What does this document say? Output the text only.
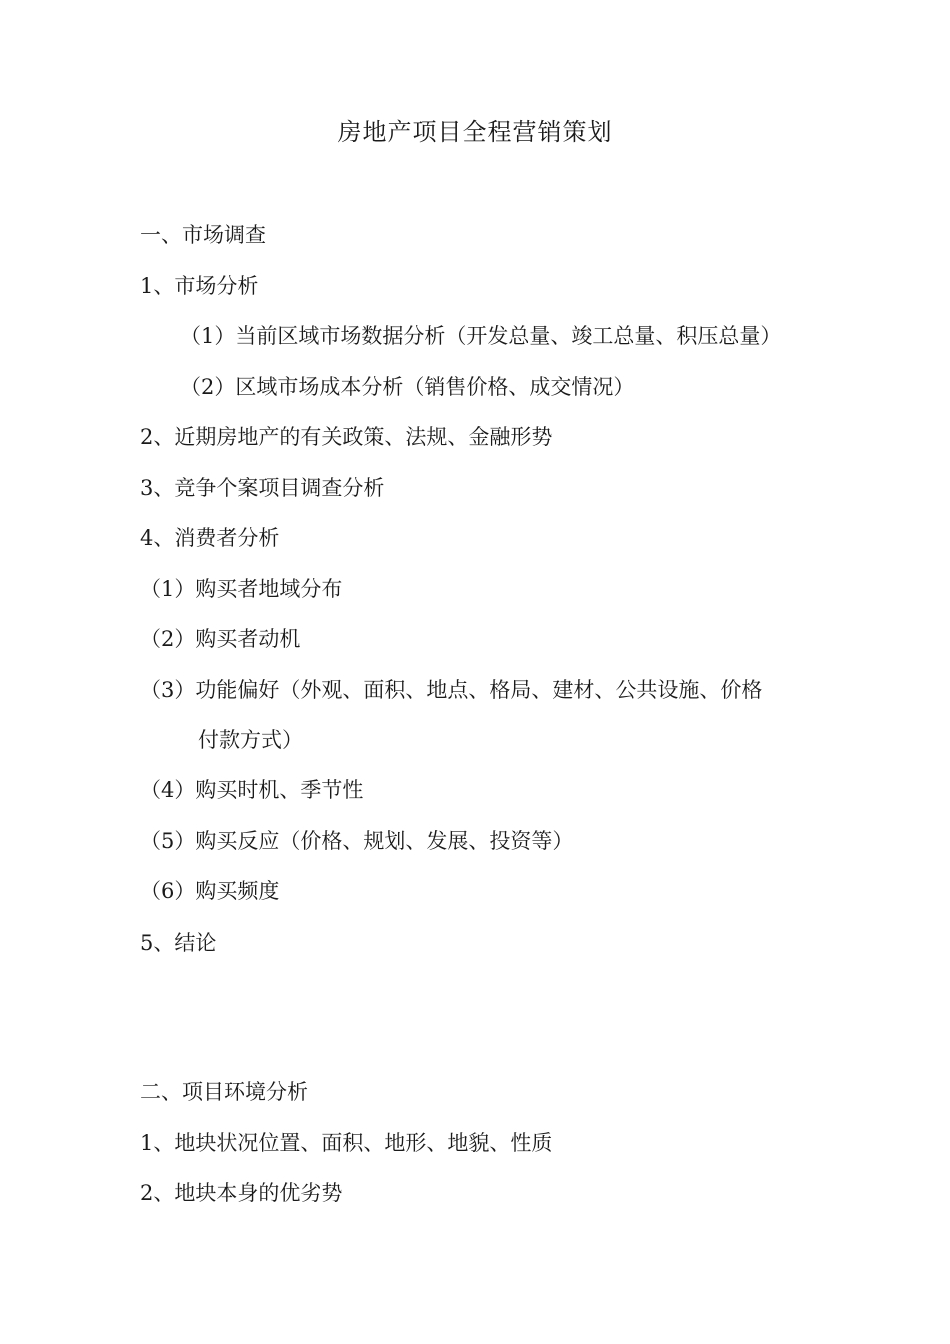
房地产项目全程营销策划
一、市场调查
1、市场分析
（1）当前区域市场数据分析（开发总量、竣工总量、积压总量）
（2）区域市场成本分析（销售价格、成交情况）
2、近期房地产的有关政策、法规、金融形势
3、竞争个案项目调查分析
4、消费者分析
（1）购买者地域分布
（2）购买者动机
（3）功能偏好（外观、面积、地点、格局、建材、公共设施、价格
付款方式）
（4）购买时机、季节性
（5）购买反应（价格、规划、发展、投资等）
（6）购买频度
5、结论
二、项目环境分析
1、地块状况位置、面积、地形、地貌、性质
2、地块本身的优劣势
